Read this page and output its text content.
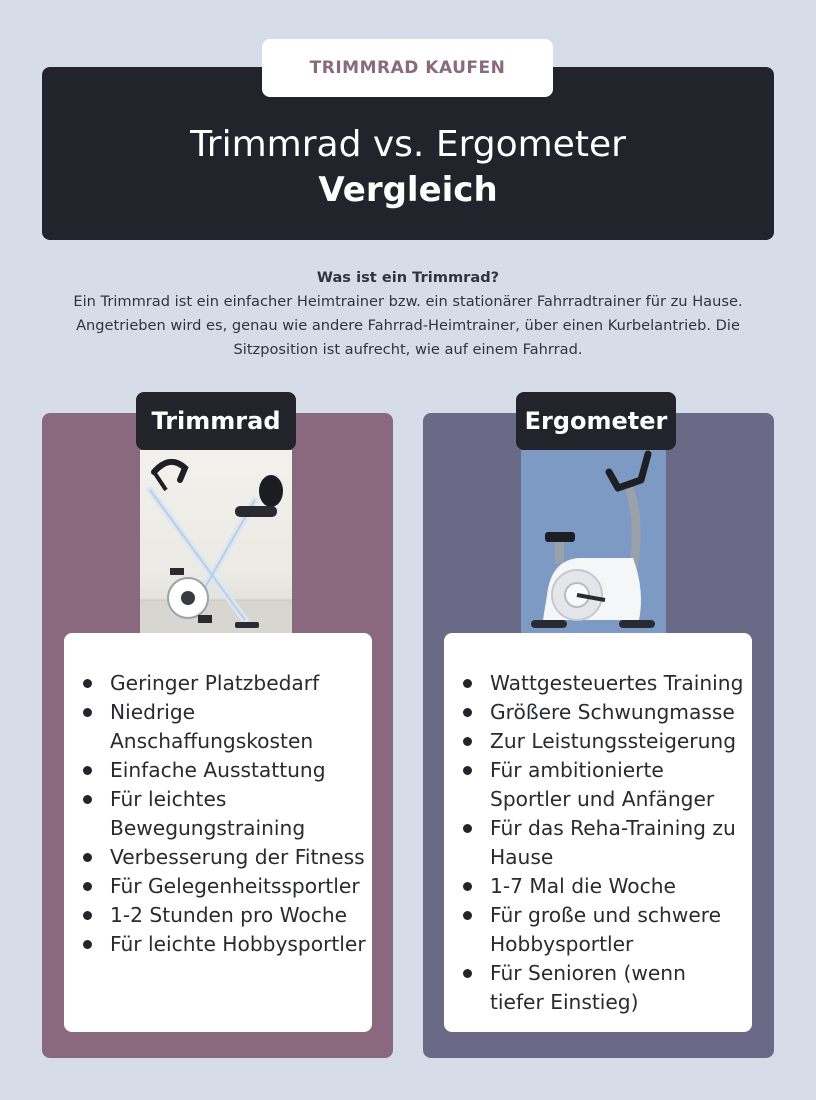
Trimmrad vs. Ergometer
Vergleich
TRIMMRAD KAUFEN
Was ist ein Trimmrad?
Ein Trimmrad ist ein einfacher Heimtrainer bzw. ein stationärer Fahrradtrainer für zu Hause. Angetrieben wird es, genau wie andere Fahrrad-Heimtrainer, über einen Kurbelantrieb. Die Sitzposition ist aufrecht, wie auf einem Fahrrad.
Trimmrad
Geringer Platzbedarf
Niedrige Anschaffungskosten
Einfache Ausstattung
Für leichtes Bewegungstraining
Verbesserung der Fitness
Für Gelegenheitssportler
1-2 Stunden pro Woche
Für leichte Hobbysportler
Ergometer
Wattgesteuertes Training
Größere Schwungmasse
Zur Leistungssteigerung
Für ambitionierte Sportler und Anfänger
Für das Reha-Training zu Hause
1-7 Mal die Woche
Für große und schwere Hobbysportler
Für Senioren (wenn tiefer Einstieg)
